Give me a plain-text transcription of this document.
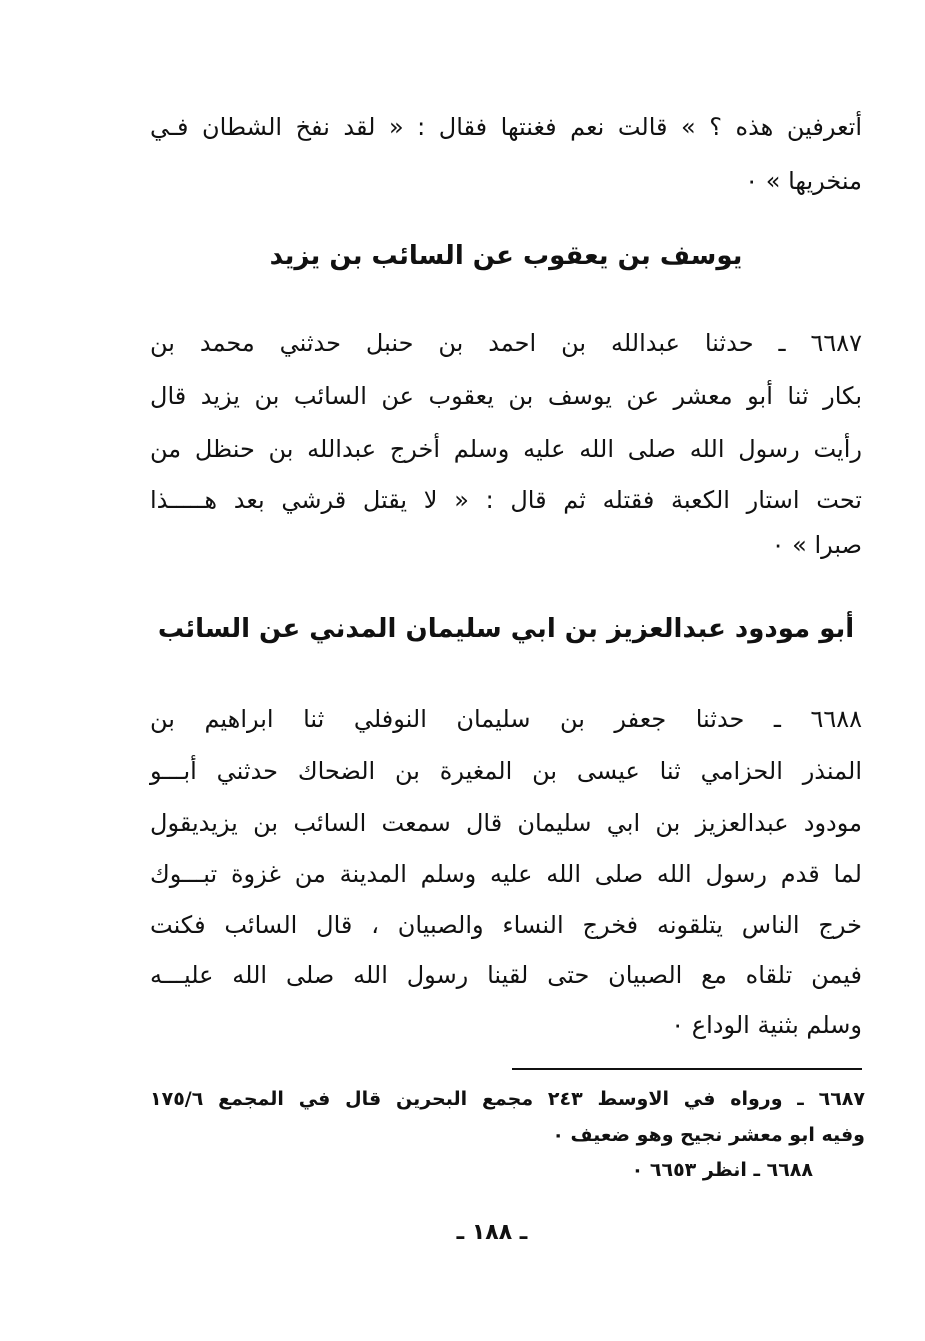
أتعرفين هذه ؟ » قالت نعم فغنتها فقال : « لقد نفخ الشطان فـي
منخريها » ٠
يوسف بن يعقوب عن السائب بن يزيد
٦٦٨٧ ـ حدثنا عبدالله بن احمد بن حنبل حدثني محمد بن
بكار ثنا أبو معشر عن يوسف بن يعقوب عن السائب بن يزيد قال
رأيت رسول الله صلى الله عليه وسلم أخرج عبدالله بن حنظل من
تحت استار الكعبة فقتله ثم قال : « لا يقتل قرشي بعد هـــــذا
صبرا » ٠
أبو مودود عبدالعزيز بن ابي سليمان المدني عن السائب
٦٦٨٨ ـ حدثنا جعفر بن سليمان النوفلي ثنا ابراهيم بن
المنذر الحزامي ثنا عيسى بن المغيرة بن الضحاك حدثني أبـــو
مودود عبدالعزيز بن ابي سليمان قال سمعت السائب بن يزيديقول
لما قدم رسول الله صلى الله عليه وسلم المدينة من غزوة تبـــوك
خرج الناس يتلقونه فخرج النساء والصبيان ، قال السائب فكنت
فيمن تلقاه مع الصبيان حتى لقينا رسول الله صلى الله عليـــه
وسلم بثنية الوداع ٠
٦٦٨٧ ـ ورواه في الاوسط ٢٤٣ مجمع البحرين قال في المجمع ١٧٥/٦
وفيه ابو معشر نجيح وهو ضعيف ٠
٦٦٨٨ ـ انظر ٦٦٥٣ ٠
ـ ١٨٨ ـ
